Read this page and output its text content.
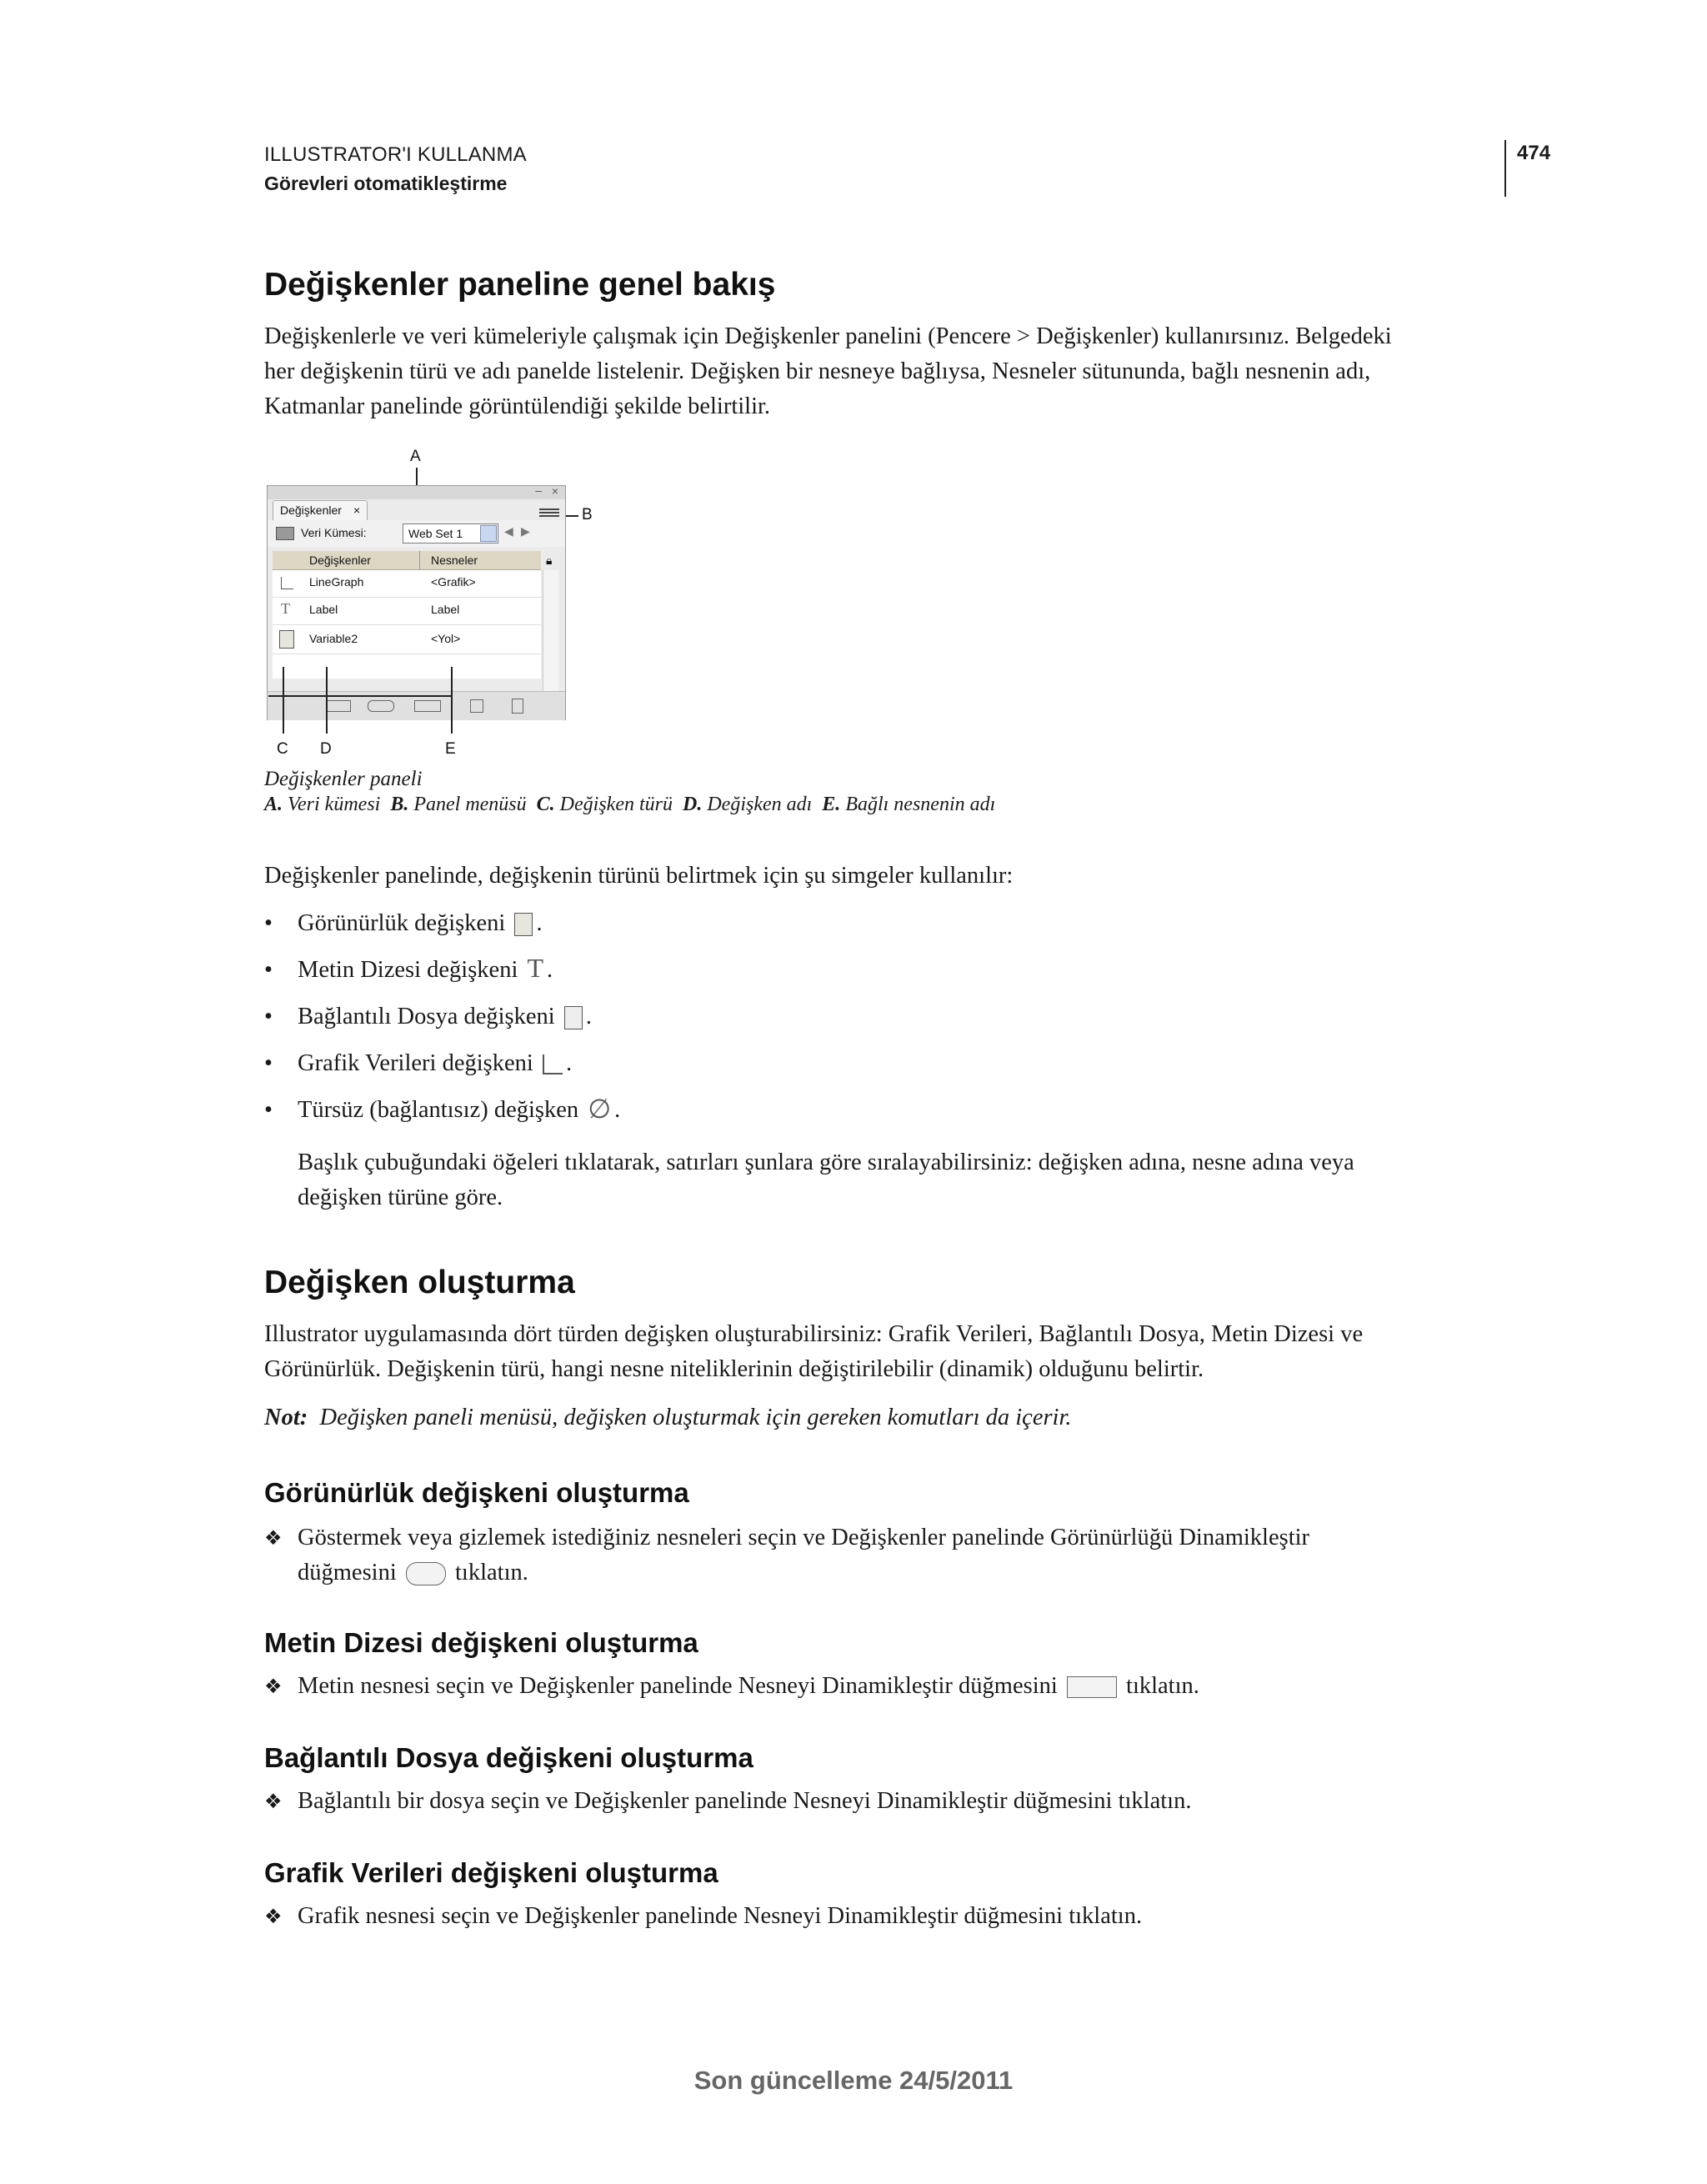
ILLUSTRATOR'I KULLANMA
Görevleri otomatikleştirme
474
Değişkenler paneline genel bakış

Değişkenlerle ve veri kümeleriyle çalışmak için Değişkenler panelini (Pencere > Değişkenler) kullanırsınız. Belgedeki

her değişkenin türü ve adı panelde listelenir. Değişken bir nesneye bağlıysa, Nesneler sütununda, bağlı nesnenin adı,

Katmanlar panelinde görüntülendiği şekilde belirtilir.

A
B
– ×
Değişkenler ×
Veri Kümesi:	Web Set 1	◀ ▶
Değişkenler	Nesneler	🔒︎
LineGraph	<Grafik>
T Label	Label
Variable2	<Yol>
C D	E
Değişkenler paneli
A. Veri kümesi B. Panel menüsü C. Değişken türü D. Değişken adı E. Bağlı nesnenin adı

Değişkenler panelinde, değişkenin türünü belirtmek için şu simgeler kullanılır:

• Görünürlük değişkeni .
• Metin Dizesi değişkeni T .
• Bağlantılı Dosya değişkeni .
• Grafik Verileri değişkeni .
• Türsüz (bağlantısız) değişken ∅ .

Başlık çubuğundaki öğeleri tıklatarak, satırları şunlara göre sıralayabilirsiniz: değişken adına, nesne adına veya

değişken türüne göre.

Değişken oluşturma

Illustrator uygulamasında dört türden değişken oluşturabilirsiniz: Grafik Verileri, Bağlantılı Dosya, Metin Dizesi ve

Görünürlük. Değişkenin türü, hangi nesne niteliklerinin değiştirilebilir (dinamik) olduğunu belirtir.

Not: Değişken paneli menüsü, değişken oluşturmak için gereken komutları da içerir.
Görünürlük değişkeni oluşturma

❖ Göstermek veya gizlemek istediğiniz nesneleri seçin ve Değişkenler panelinde Görünürlüğü Dinamikleştir

düğmesini tıklatın.

Metin Dizesi değişkeni oluşturma

❖ Metin nesnesi seçin ve Değişkenler panelinde Nesneyi Dinamikleştir düğmesini	tıklatın.

Bağlantılı Dosya değişkeni oluşturma

❖ Bağlantılı bir dosya seçin ve Değişkenler panelinde Nesneyi Dinamikleştir düğmesini tıklatın.

Grafik Verileri değişkeni oluşturma

❖ Grafik nesnesi seçin ve Değişkenler panelinde Nesneyi Dinamikleştir düğmesini tıklatın.

Son güncelleme 24/5/2011
